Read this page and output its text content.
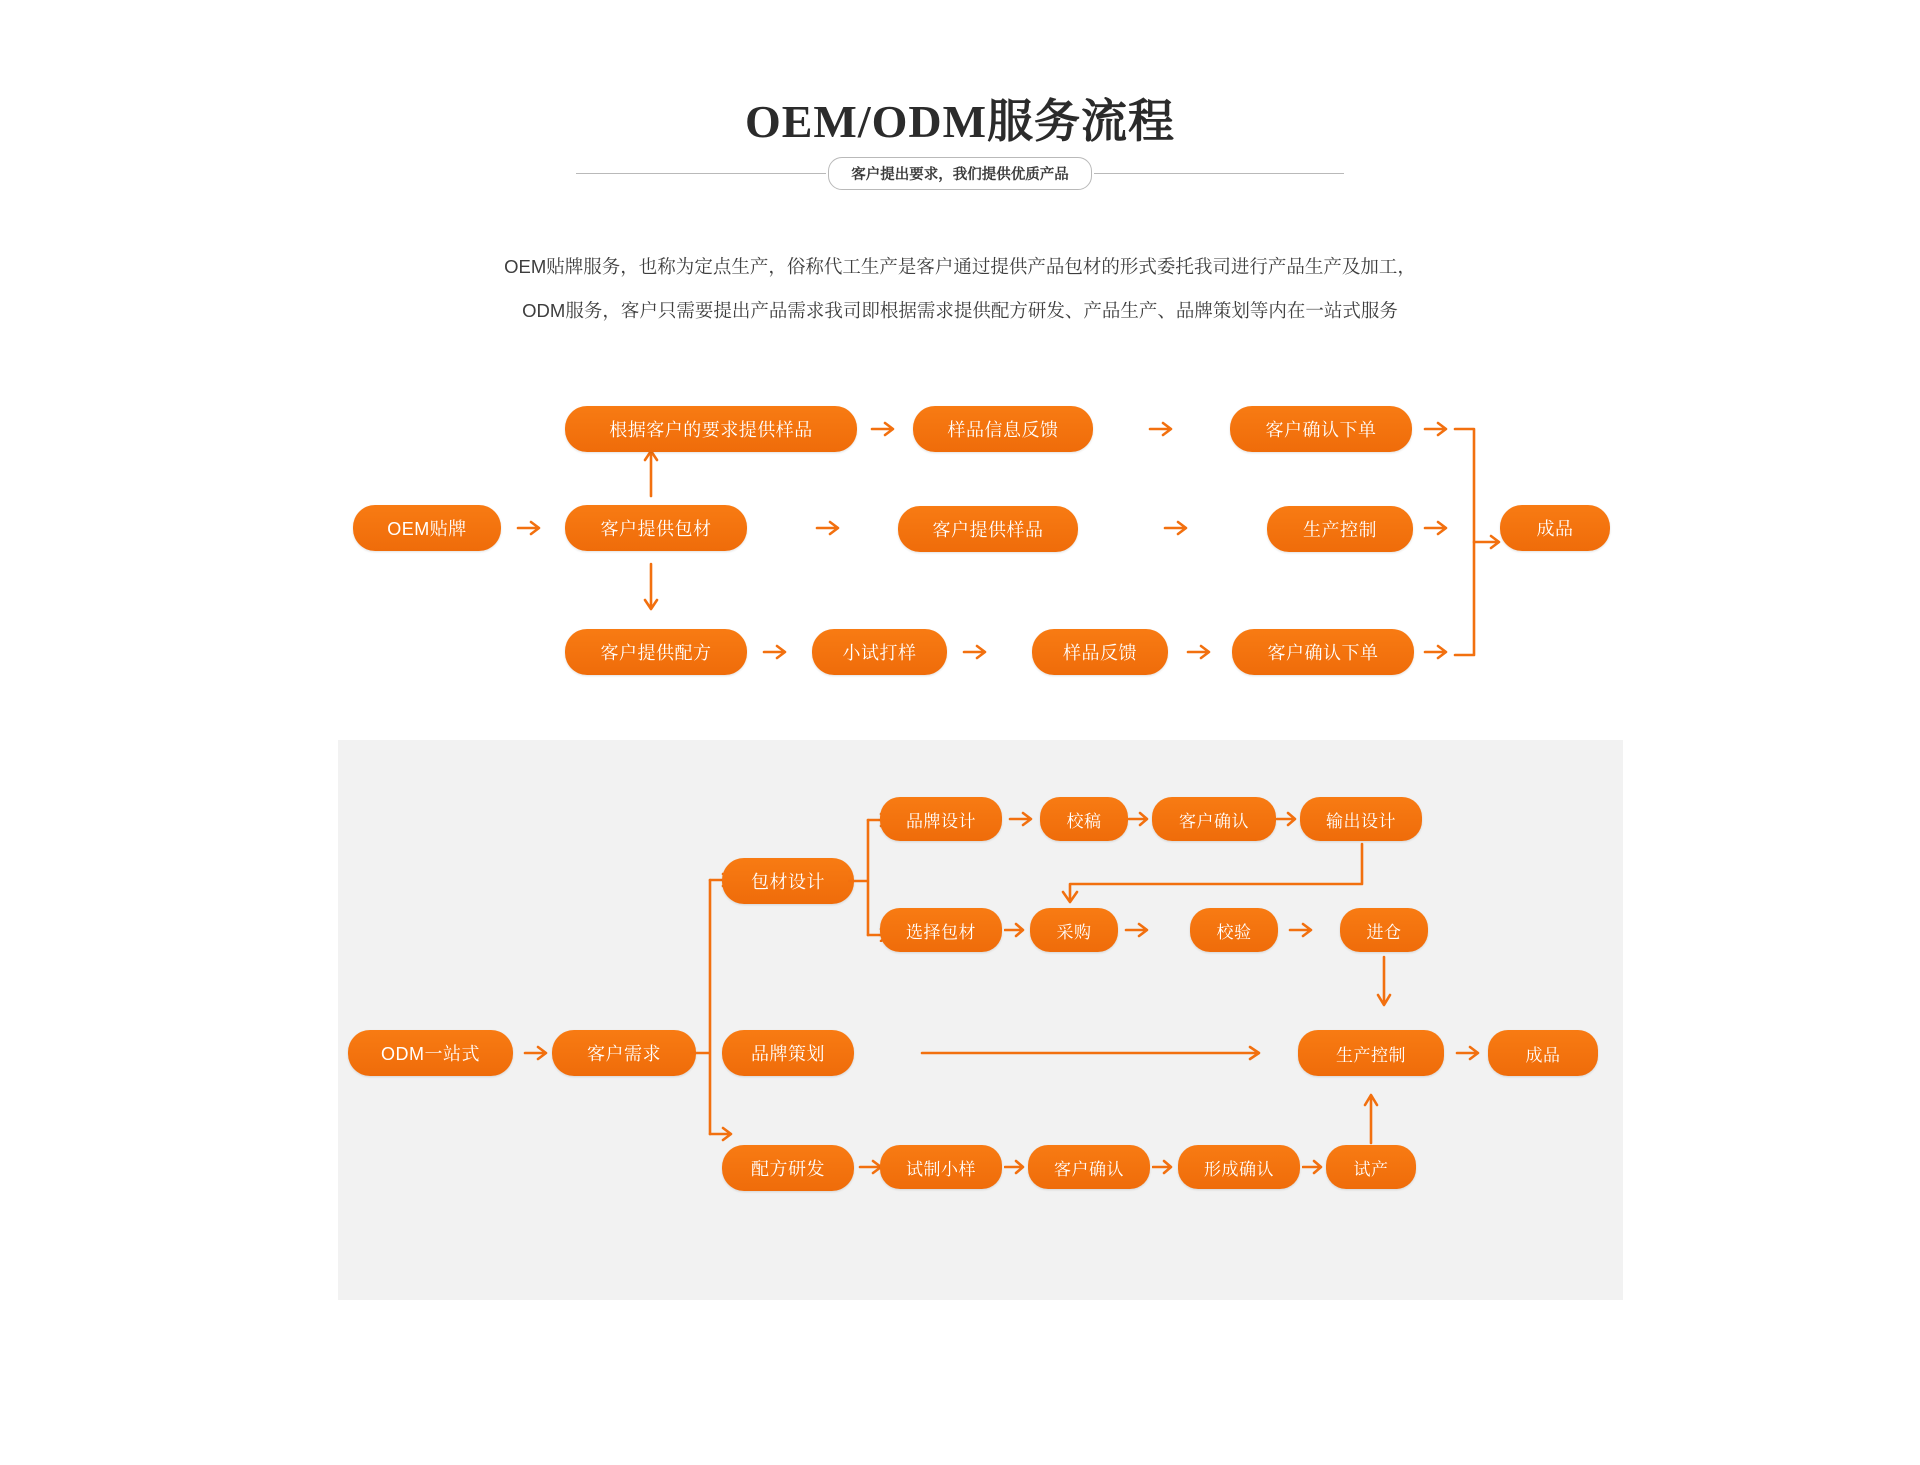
OEM/ODM服务流程
客户提出要求，我们提供优质产品
OEM贴牌服务，也称为定点生产，俗称代工生产是客户通过提供产品包材的形式委托我司进行产品生产及加工，
ODM服务，客户只需要提出产品需求我司即根据需求提供配方研发、产品生产、品牌策划等内在一站式服务
OEM贴牌	客户提供包材
根据客户的要求提供样品	样品信息反馈	客户确认下单
客户提供样品	生产控制
客户提供配方	小试打样	样品反馈	客户确认下单
成品
ODM一站式	客户需求
包材设计
品牌策划
配方研发
品牌设计	校稿	客户确认	输出设计
选择包材	采购	校验	进仓
试制小样	客户确认	形成确认	试产
生产控制	成品
